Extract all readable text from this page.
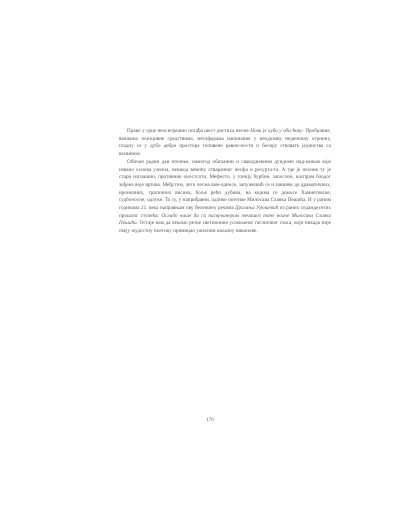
Право у срце неоснгрешно погађа шест дистиха песме Нови је хуби у оби-ћину. Пробрание, ванжино поезцивне средствима, метафорама напинанне у неодозиву неденичну огрннну, гладну се у дубо дебро простора топивене равни-ности и беснру ствовате јединства са васвином.

Обичан радни дан почиње, намогод обичанни и свакодиевним дундимн над-каным које извано основа узилна, нешкод вемоћу стварачног песфа и ресурта-та. А где је песник ту је стари изгнашни, противник оностсоти, Мефисто, у гонију бурбин, запослен, наспрам блодог зиђена воје вртова. Међутим, лето песма вам-односе, запужешић се и заиниве до драматичних, ироничних, трагичних висина, боље рећи дубина, на којима се домосе Хамнетовске, судбоносне, одлуке. То су, у наприђавни, одлике поетике Милосава Славка Пешића. И у раним годинама 21. века направњам ову бележину речима Драгиња Урошевић из раних седамдесетих прошлог столећа: Осладо наше да са насврчанером течашоз тоне ноаче Милосава Славка Пешића. Остаје нам да чекамо ретке светионние усамљеног песничног гласа, који никада није свеју жудостну поетику примицао ужасном налазну никонове.

170
